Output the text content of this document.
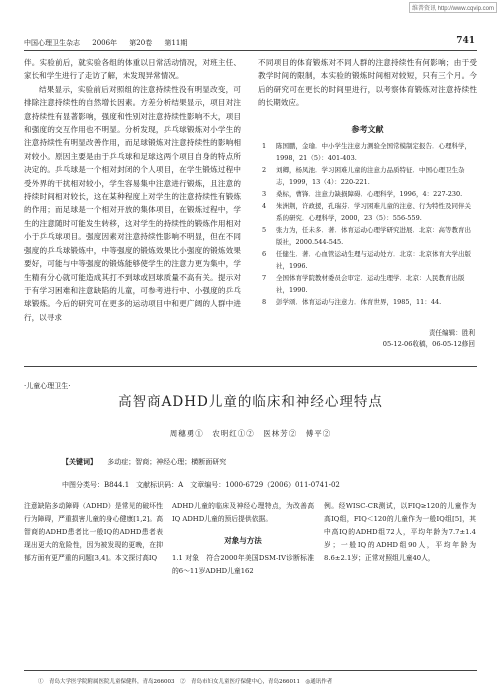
维普资讯 http://www.cqvip.com
中国心理卫生杂志 2006年 第20卷 第11期	741

伴。实验前后，就实验各组的体重以日常活动情况，对班主任、家长和学生进行了走访了解，未发现异常情况。

结果显示，实验前后对照组的注意持续性没有明显改变，可排除注意持续性的自然增长因素。方差分析结果显示，项目对注意持续性有显著影响，强度和性别对注意持续性影响不大，项目和强度的交互作用也不明显。分析发现，乒乓球锻炼对小学生的注意持续性有明显改善作用，而足球锻炼对注意持续性的影响相对较小。原因主要是由于乒乓球和足球这两个项目自身的特点所决定的。乒乓球是一个相对封闭的个人项目，在学生锻炼过程中受外界的干扰相对较小，学生容易集中注意进行锻炼，且注意的持续时间相对较长，这在某种程度上对学生的注意持续性有锻炼的作用；而足球是一个相对开放的集体项目，在锻炼过程中，学生的注意随时可能发生转移，这对学生的持续性的锻炼作用相对小于乒乓球项目。强度因素对注意持续性影响不明显，但在不同强度的乒乓球锻炼中，中等强度的锻炼效果比小强度的锻炼效果要好，可能与中等强度的锻炼能够使学生的注意力更为集中，学生精有分心就可能造成其打不到球或回球质量不高有关。提示对于有学习困难和注意缺陷的儿童，可参考进行中、小强度的乒乓球锻炼。今后的研究可在更多的运动项目中和更广阔的人群中进行，以寻求

不同项目的体育锻炼对不同人群的注意持续性有何影响；由于受教学时间的限制，本实验的锻炼时间相对较短，只有三个月。今后的研究可在更长的时间里进行，以考察体育锻炼对注意持续性的长期效应。

参考文献
1	陈国鹏，金瑜．中小学生注意力测验全国常模制定报告．心理科学，1998，21（5）：401-403.
2	刘卿，杨凤池．学习困难儿童的注意力品质特征．中国心理卫生杂志，1999，13（4）：220-221.
3	桑标，曹锋．注意力缺损障碍．心理科学，1996，4：227-230.
4	朱洲荆，许政援，孔瑞芬．学习困难儿童的注意、行为特性及同伴关系的研究．心理科学，2000，23（5）：556-559.
5	张力为，任未多．著．体育运动心理学研究进展．北京：高等教育出版社，2000.544-545.
6	任健生．著．心血管运动生理与运动处方．北京：北京体育大学出版社，1996.
7	全国体育学院教材委员会审定．运动生理学．北京：人民教育出版社，1990.
8	彭学颂．体育运动与注意力．体育世界，1985，11：44.
责任编辑：胜利
05-12-06收稿，06-05-12修回
·儿童心理卫生·
高智商ADHD儿童的临床和神经心理特点
周穗勇①　农明红①②　医林芳②　傅平②
【关键词】 多动症；智商；神经心理；横断面研究
中图分类号：B844.1　文献标识码：A　文章编号：1000-6729（2006）011-0741-02
注意缺陷多动障碍（ADHD）是常见的破坏性行为障碍，严重损害儿童的身心健康[1,2]。高智商的ADHD患者比一般IQ的ADHD患者表现出更大的危险性，因为被发现的更晚，在抑郁方面有更严重的问题[3,4]。本文探讨高IQ
ADHD儿童的临床及神经心理特点，为改善高IQ ADHD儿童的预后提供依据。
对象与方法
1.1 对象　符合2000年美国DSM-IV诊断标准的6～11岁ADHD儿童162
例。经WISC-CR测试，以FIQ≥120的儿童作为高IQ组，FIQ＜120的儿童作为一般IQ组[5]，其中高IQ的ADHD组72人，平均年龄为7.7±1.4岁；一般IQ的ADHD组90人，平均年龄为8.6±2.1岁；正常对照组儿童40人，
①　青岛大学医学院附属医院儿童保健科，青岛266003　②　青岛市妇女儿童医疗保健中心，青岛266011　◎通讯作者
